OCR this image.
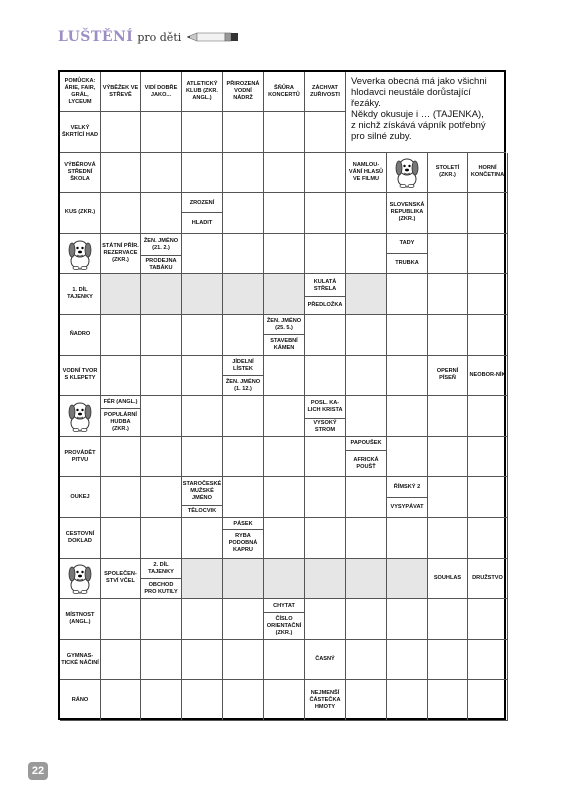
LUŠTĚNÍ pro děti
POMŮCKA: ÁRIE, FAIR, GRÁL, LYCEUM
VÝBĚŽEK VE STŘEVĚ
VIDÍ DOBŘE JAKO...
ATLETICKÝ KLUB (ZKR. ANGL.)
PŘIROZENÁ VODNÍ NÁDRŽ
ŠŇŮRA KONCERTŮ
ZÁCHVAT ZUŘIVOSTI
VELKÝ ŠKRTÍCÍ HAD
VÝBĚROVÁ STŘEDNÍ ŠKOLA
KUS (ZKR.)
1. DÍL TAJENKY
ŇADRO
VODNÍ TVOR S KLEPETY
PROVÁDĚT PITVU
OUKEJ
CESTOVNÍ DOKLAD
MÍSTNOST (ANGL.)
GYMNAS-TICKÉ NÁČINÍ
RÁNO
NAMLOU-VÁNÍ HLASŮ VE FILMU
STOLETÍ (ZKR.)
HORNÍ KONČETINA
SLOVENSKÁ REPUBLIKA (ZKR.)
STÁTNÍ PŘÍR. REZERVACE (ZKR.)
OPERNÍ PÍSEŇ
NEOBOR-NÍK
SPOLEČEN-STVÍ VČEL
SOUHLAS	DRUŽSTVO
ČASNÝ
NEJMENŠÍ ČÁSTEČKA HMOTY
ZROZENÍ
HLADIT
ŽEN. JMÉNO (21. 2.)
PRODEJNA TABÁKU
TADY
TRUBKA
KULATÁ STŘELA
PŘEDLOŽKA
ŽEN. JMÉNO (25. 5.)
STAVEBNÍ KÁMEN
JÍDELNÍ LÍSTEK
ŽEN. JMÉNO (1. 12.)
FÉR (ANGL.)
POPULÁRNÍ HUDBA (ZKR.)
POSL. KA-LICH KRISTA
VYSOKÝ STROM
PAPOUŠEK
AFRICKÁ POUŠŤ
STAROČESKÉ MUŽSKÉ JMÉNO
TĚLOCVIK
ŘÍMSKÝ 2
VYSYPÁVAT
PÁSEK
RYBA PODOBNÁ KAPRU
2. DÍL TAJENKY
OBCHOD PRO KUTILY
CHYTAT
ČÍSLO ORIENTAČNÍ (ZKR.)
Veverka obecná má jako všichni
hlodavci neustále dorůstající řezáky.
Někdy okusuje i … (TAJENKA),
z nichž získává vápník potřebný
pro silné zuby.
22
